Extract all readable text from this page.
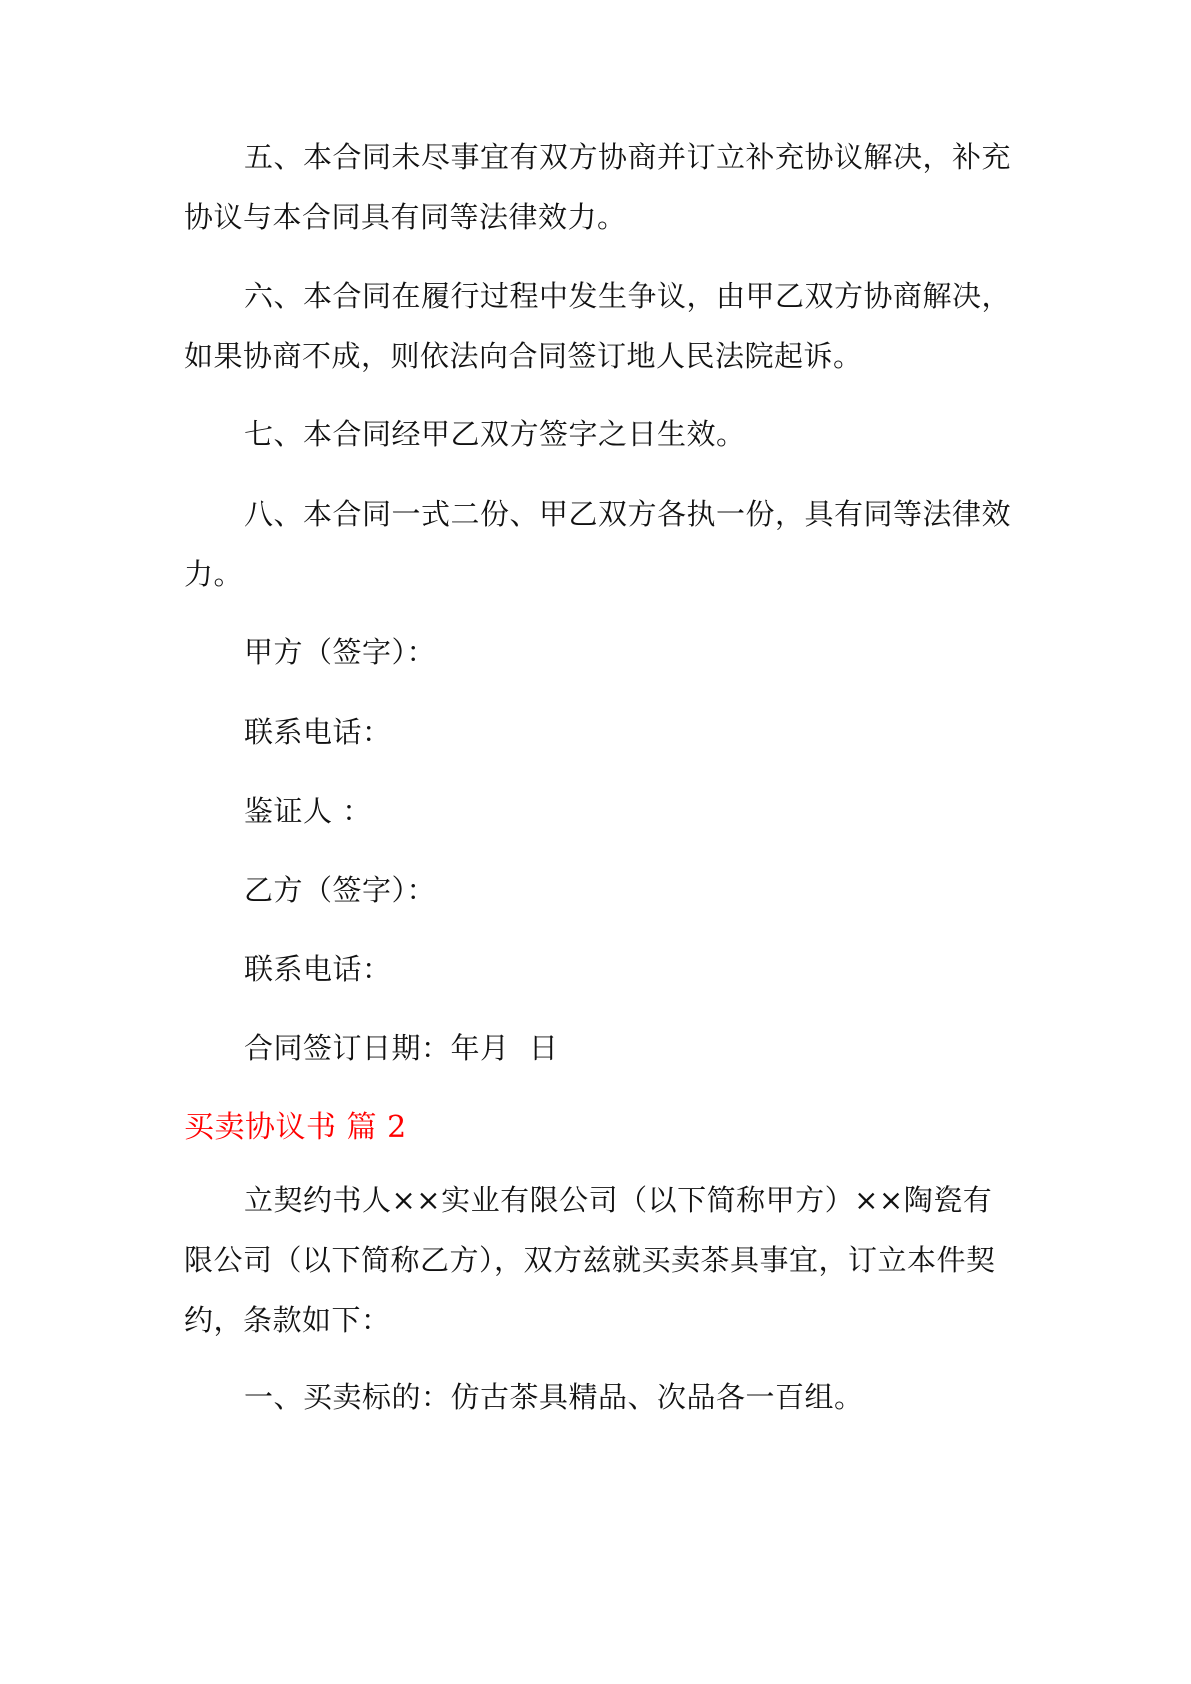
五、本合同未尽事宜有双方协商并订立补充协议解决，补充
协议与本合同具有同等法律效力。

六、本合同在履行过程中发生争议，由甲乙双方协商解决，
如果协商不成，则依法向合同签订地人民法院起诉。

七、本合同经甲乙双方签字之日生效。

八、本合同一式二份、甲乙双方各执一份，具有同等法律效
力。

甲方（签字）：

联系电话：

鉴证人 ：

乙方（签字）：

联系电话：

合同签订日期：年月  日

买卖协议书 篇 2

立契约书人××实业有限公司（以下简称甲方）××陶瓷有
限公司（以下简称乙方），双方兹就买卖茶具事宜，订立本件契
约，条款如下：

一、买卖标的：仿古茶具精品、次品各一百组。
